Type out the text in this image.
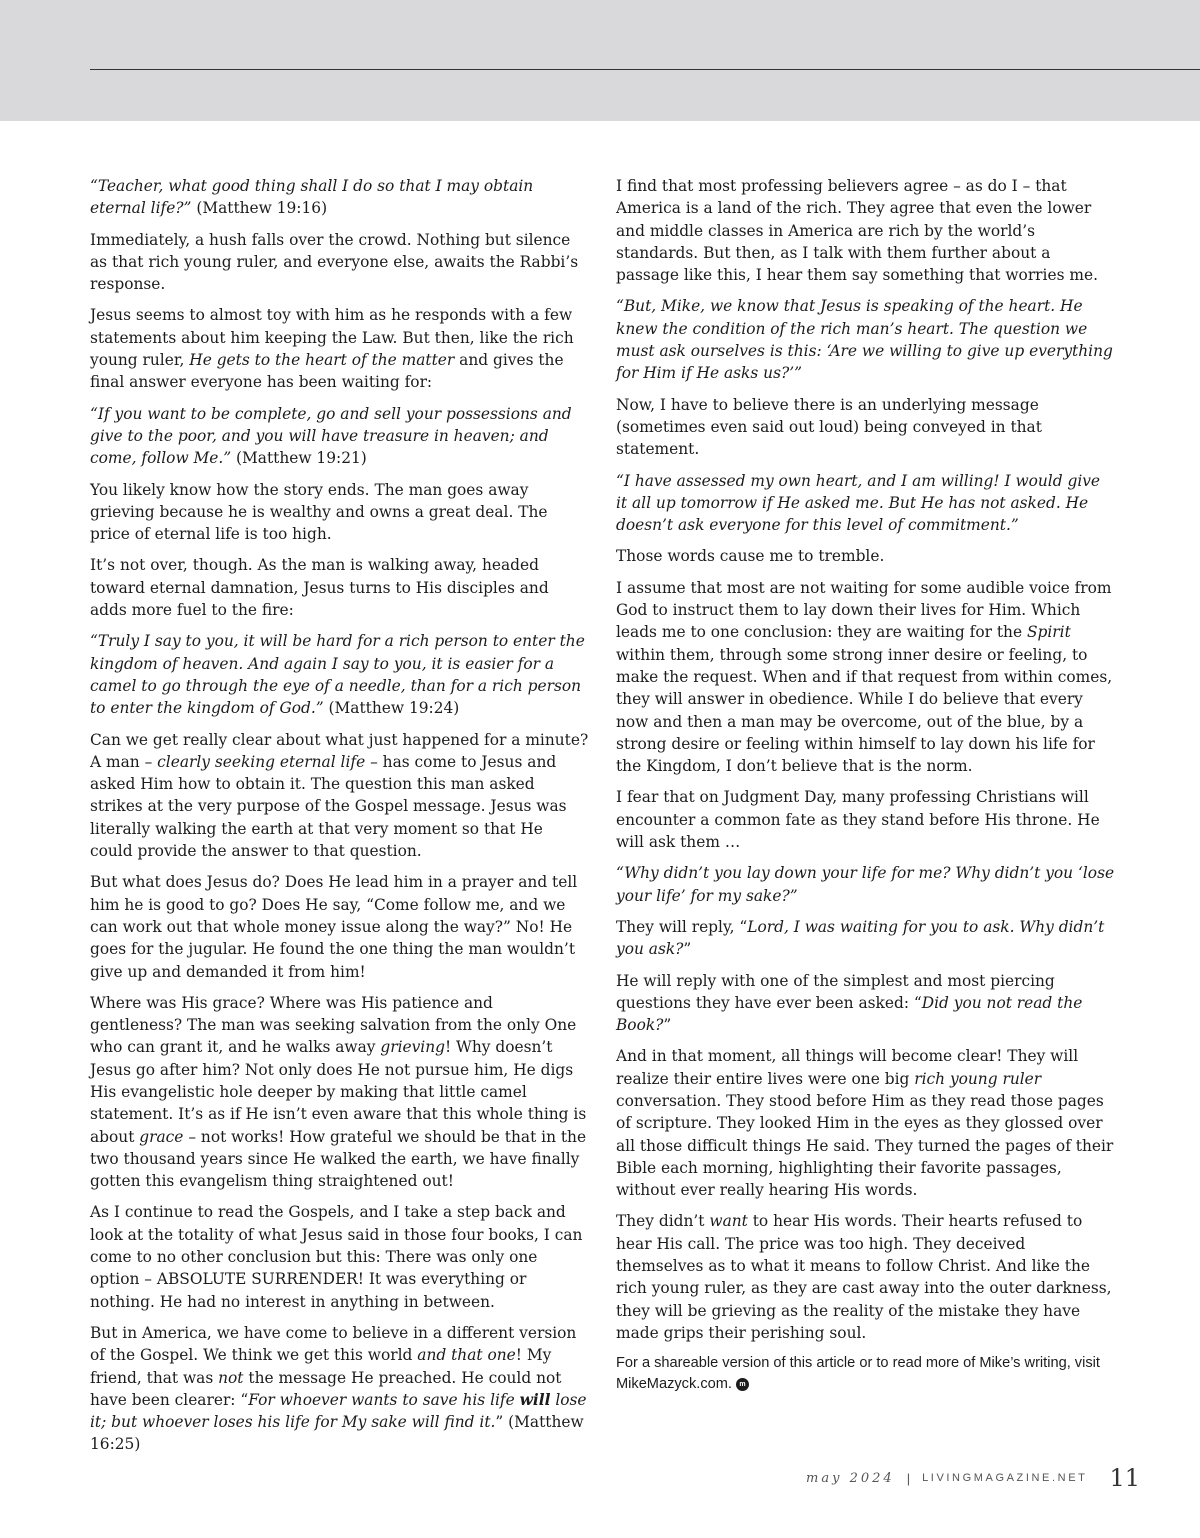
“Teacher, what good thing shall I do so that I may obtain eternal life?” (Matthew 19:16)

Immediately, a hush falls over the crowd. Nothing but silence as that rich young ruler, and everyone else, awaits the Rabbi’s response.

Jesus seems to almost toy with him as he responds with a few statements about him keeping the Law. But then, like the rich young ruler, He gets to the heart of the matter and gives the final answer everyone has been waiting for:

“If you want to be complete, go and sell your possessions and give to the poor, and you will have treasure in heaven; and come, follow Me.” (Matthew 19:21)

You likely know how the story ends. The man goes away grieving because he is wealthy and owns a great deal. The price of eternal life is too high.

It’s not over, though. As the man is walking away, headed toward eternal damnation, Jesus turns to His disciples and adds more fuel to the fire:

“Truly I say to you, it will be hard for a rich person to enter the kingdom of heaven. And again I say to you, it is easier for a camel to go through the eye of a needle, than for a rich person to enter the kingdom of God.” (Matthew 19:24)

Can we get really clear about what just happened for a minute? A man – clearly seeking eternal life – has come to Jesus and asked Him how to obtain it. The question this man asked strikes at the very purpose of the Gospel message. Jesus was literally walking the earth at that very moment so that He could provide the answer to that question.

But what does Jesus do? Does He lead him in a prayer and tell him he is good to go? Does He say, “Come follow me, and we can work out that whole money issue along the way?” No! He goes for the jugular. He found the one thing the man wouldn’t give up and demanded it from him!

Where was His grace? Where was His patience and gentleness? The man was seeking salvation from the only One who can grant it, and he walks away grieving! Why doesn’t Jesus go after him? Not only does He not pursue him, He digs His evangelistic hole deeper by making that little camel statement. It’s as if He isn’t even aware that this whole thing is about grace – not works! How grateful we should be that in the two thousand years since He walked the earth, we have finally gotten this evangelism thing straightened out!

As I continue to read the Gospels, and I take a step back and look at the totality of what Jesus said in those four books, I can come to no other conclusion but this: There was only one option – ABSOLUTE SURRENDER! It was everything or nothing. He had no interest in anything in between.

But in America, we have come to believe in a different version of the Gospel. We think we get this world and that one! My friend, that was not the message He preached. He could not have been clearer: “For whoever wants to save his life will lose it; but whoever loses his life for My sake will find it.” (Matthew 16:25)

I find that most professing believers agree – as do I – that America is a land of the rich. They agree that even the lower and middle classes in America are rich by the world’s standards. But then, as I talk with them further about a passage like this, I hear them say something that worries me.

“But, Mike, we know that Jesus is speaking of the heart. He knew the condition of the rich man’s heart. The question we must ask ourselves is this: ‘Are we willing to give up everything for Him if He asks us?’”

Now, I have to believe there is an underlying message (sometimes even said out loud) being conveyed in that statement.

“I have assessed my own heart, and I am willing! I would give it all up tomorrow if He asked me. But He has not asked. He doesn’t ask everyone for this level of commitment.”

Those words cause me to tremble.

I assume that most are not waiting for some audible voice from God to instruct them to lay down their lives for Him. Which leads me to one conclusion: they are waiting for the Spirit within them, through some strong inner desire or feeling, to make the request. When and if that request from within comes, they will answer in obedience. While I do believe that every now and then a man may be overcome, out of the blue, by a strong desire or feeling within himself to lay down his life for the Kingdom, I don’t believe that is the norm.

I fear that on Judgment Day, many professing Christians will encounter a common fate as they stand before His throne. He will ask them …

“Why didn’t you lay down your life for me? Why didn’t you ‘lose your life’ for my sake?”

They will reply, “Lord, I was waiting for you to ask. Why didn’t you ask?”

He will reply with one of the simplest and most piercing questions they have ever been asked: “Did you not read the Book?”

And in that moment, all things will become clear! They will realize their entire lives were one big rich young ruler conversation. They stood before Him as they read those pages of scripture. They looked Him in the eyes as they glossed over all those difficult things He said. They turned the pages of their Bible each morning, highlighting their favorite passages, without ever really hearing His words.

They didn’t want to hear His words. Their hearts refused to hear His call. The price was too high. They deceived themselves as to what it means to follow Christ. And like the rich young ruler, as they are cast away into the outer darkness, they will be grieving as the reality of the mistake they have made grips their perishing soul.

For a shareable version of this article or to read more of Mike’s writing, visit MikeMazyck.com. m

may 2024 | LIVINGMAGAZINE.NET 11
